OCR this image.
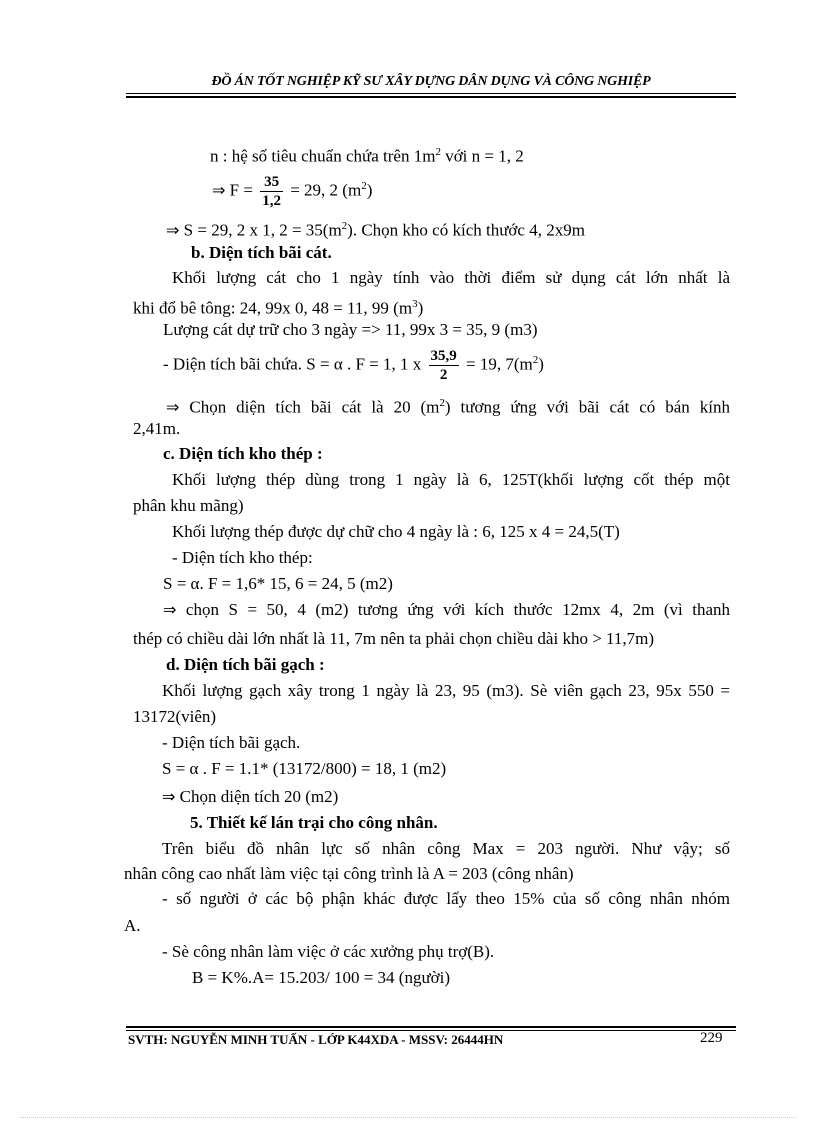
ĐỒ ÁN TỐT NGHIỆP KỸ SƯ XÂY DỰNG DÂN DỤNG VÀ CÔNG NGHIỆP
n : hệ số tiêu chuẩn chứa trên $1m^2$ với n = 1, 2
⇒ $F = \frac{35}{1,2} = 29$, 2 $(m^2)$
⇒ S = 29, 2 x 1, $2 = 35(m^2)$. Chọn kho có kích thước 4, 2x9m
b. Diện tích bãi cát.
Khối lượng cát cho 1 ngày tính vào thời điểm sử dụng cát lớn nhất là
khi đổ bê tông: 24, 99x 0, 48 = 11, 99 $(m^3)$
Lượng cát dự trữ cho 3 ngày => 11, 99x 3 = 35, 9 (m3)
- Diện tích bãi chứa. S = α . F = 1, 1 x $\frac{35,9}{2} = 19$, $7(m^2)$
⇒ Chọn diện tích bãi cát là 20 $(m^2)$ tương ứng với bãi cát có bán kính
2,41m.
c. Diện tích kho thép :
Khối lượng thép dùng trong 1 ngày là 6, 125T(khối lượng cốt thép một
phân khu mãng)
Khối lượng thép được dự chữ cho 4 ngày là : 6, 125 x 4 = 24,5(T)
- Diện tích kho thép:
S = α. F = 1,6* 15, 6 = 24, 5 (m2)
⇒ chọn S = 50, 4 (m2) tương ứng với kích thước 12mx 4, 2m (vì thanh
thép có chiều dài lớn nhất là 11, 7m nên ta phải chọn chiều dài kho > 11,7m)
d. Diện tích bãi gạch :
Khối lượng gạch xây trong 1 ngày là 23, 95 (m3). Sè viên gạch 23, 95x 550 =
13172(viên)
- Diện tích bãi gạch.
S = α . F = 1.1* (13172/800) = 18, 1 (m2)
⇒ Chọn diện tích 20 (m2)
5. Thiết kế lán trại cho công nhân.
Trên biểu đồ nhân lực số nhân công Max = 203 người. Như vậy; số
nhân công cao nhất làm việc tại công trình là A = 203 (công nhân)
- số người ở các bộ phận khác được lấy theo 15% của số công nhân nhóm
A.
- Sè công nhân làm việc ở các xưởng phụ trợ(B).
B = K%.A= 15.203/ 100 = 34 (người)
SVTH: NGUYỄN MINH TUẤN - LỚP K44XDA - MSSV: 26444HN	229
